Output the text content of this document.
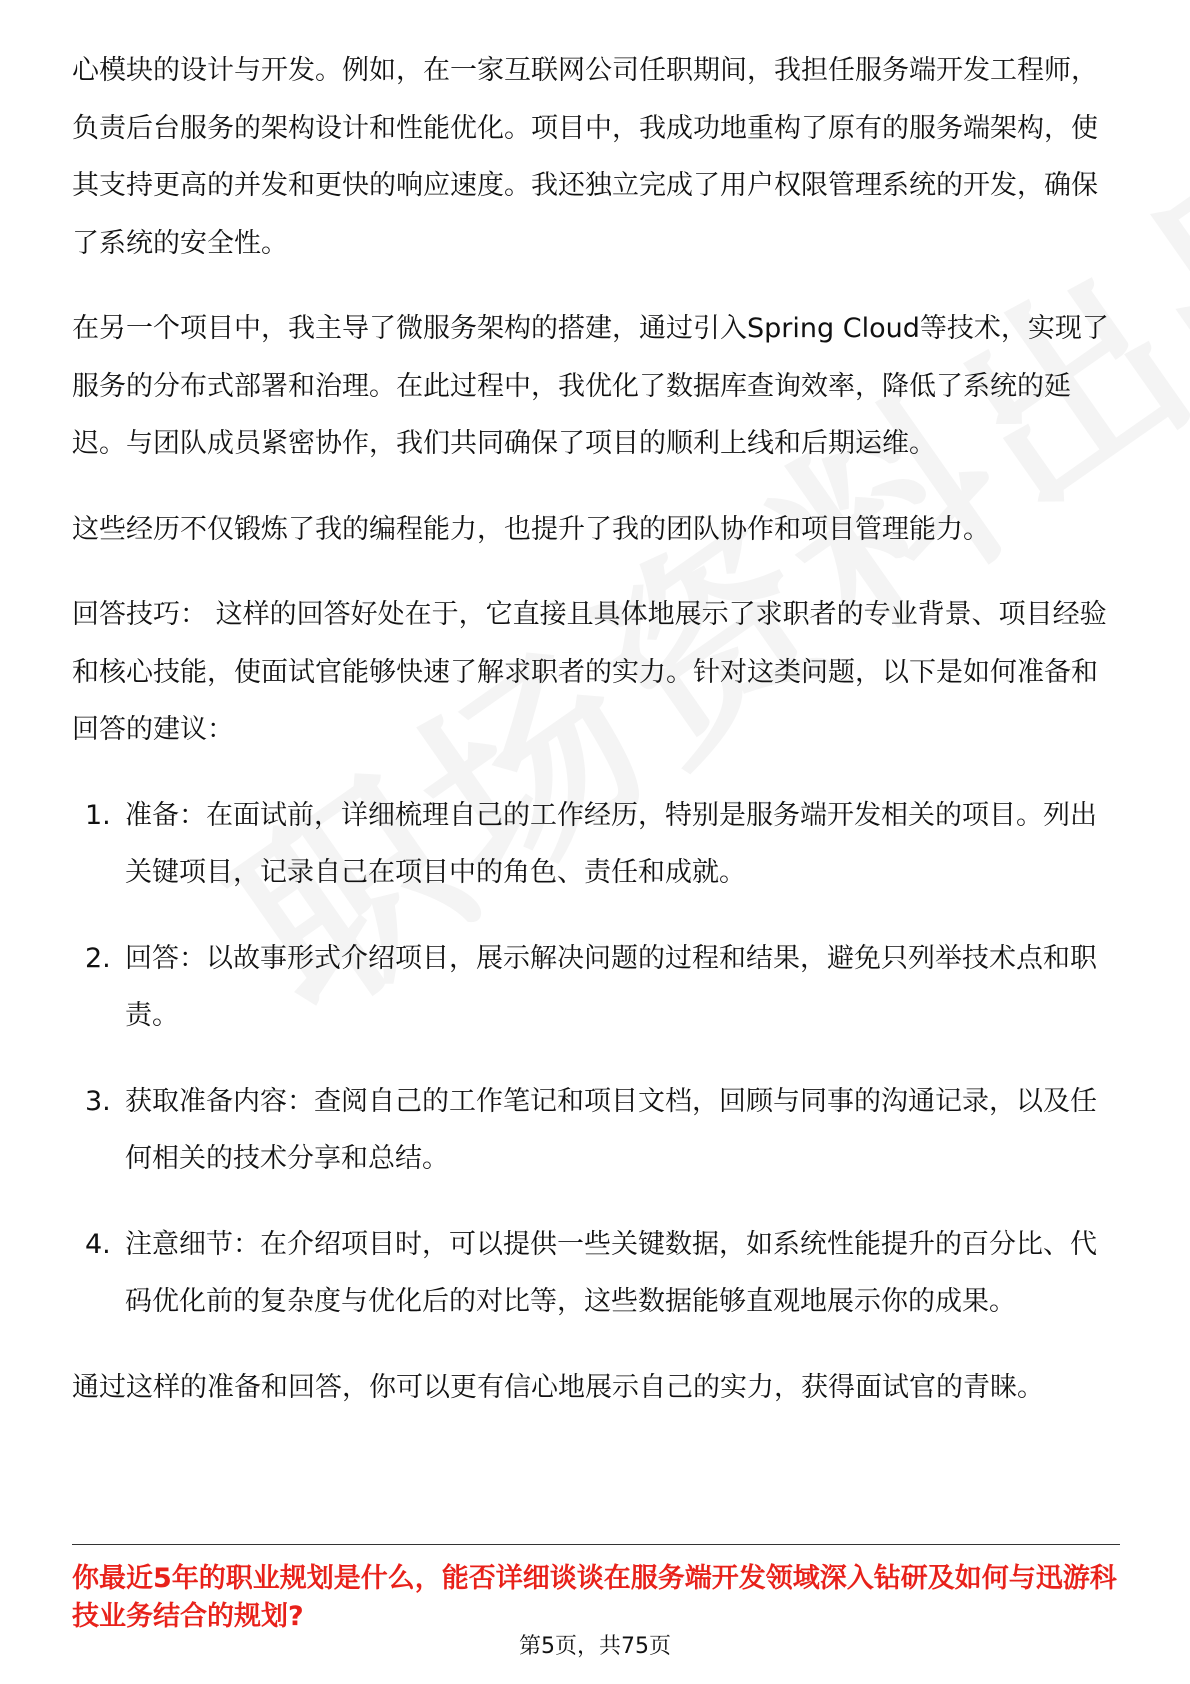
心模块的设计与开发。例如，在一家互联网公司任职期间，我担任服务端开发工程师，负责后台服务的架构设计和性能优化。项目中，我成功地重构了原有的服务端架构，使其支持更高的并发和更快的响应速度。我还独立完成了用户权限管理系统的开发，确保了系统的安全性。

在另一个项目中，我主导了微服务架构的搭建，通过引入Spring Cloud等技术，实现了服务的分布式部署和治理。在此过程中，我优化了数据库查询效率，降低了系统的延迟。与团队成员紧密协作，我们共同确保了项目的顺利上线和后期运维。

这些经历不仅锻炼了我的编程能力，也提升了我的团队协作和项目管理能力。

回答技巧： 这样的回答好处在于，它直接且具体地展示了求职者的专业背景、项目经验和核心技能，使面试官能够快速了解求职者的实力。针对这类问题，以下是如何准备和回答的建议：

1. 准备：在面试前，详细梳理自己的工作经历，特别是服务端开发相关的项目。列出关键项目，记录自己在项目中的角色、责任和成就。
2. 回答：以故事形式介绍项目，展示解决问题的过程和结果，避免只列举技术点和职责。
3. 获取准备内容：查阅自己的工作笔记和项目文档，回顾与同事的沟通记录，以及任何相关的技术分享和总结。
4. 注意细节：在介绍项目时，可以提供一些关键数据，如系统性能提升的百分比、代码优化前的复杂度与优化后的对比等，这些数据能够直观地展示你的成果。

通过这样的准备和回答，你可以更有信心地展示自己的实力，获得面试官的青睐。

你最近5年的职业规划是什么，能否详细谈谈在服务端开发领域深入钻研及如何与迅游科技业务结合的规划?
第5页，共75页
